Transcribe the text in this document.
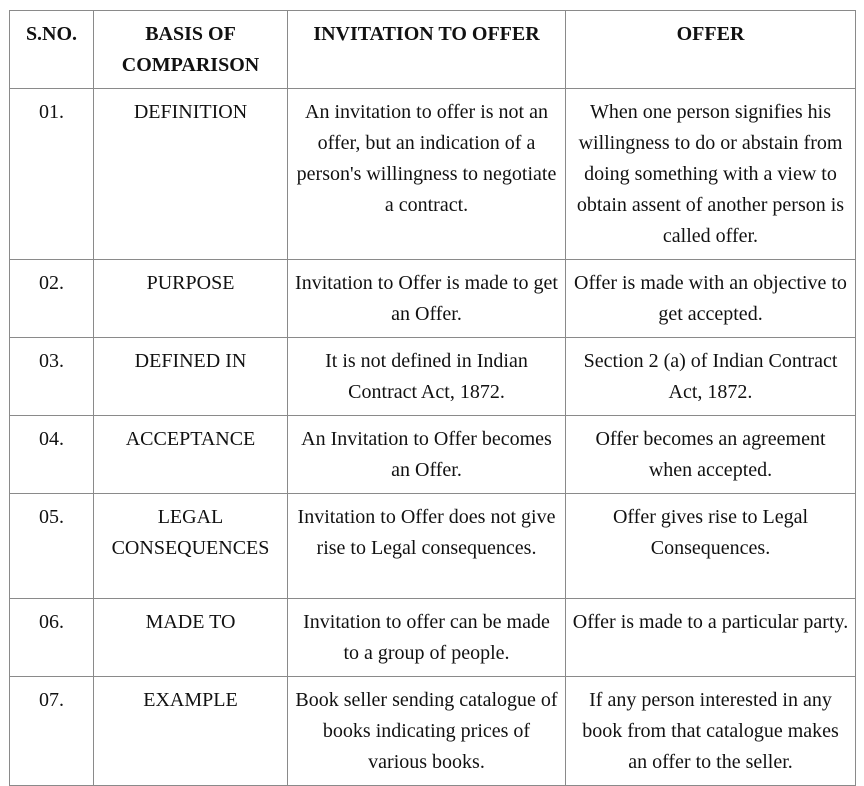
S.NO.	BASIS OF COMPARISON	INVITATION TO OFFER	OFFER
01.	DEFINITION	An invitation to offer is not an offer, but an indication of a person's willingness to negotiate a contract.	When one person signifies his willingness to do or abstain from doing something with a view to obtain assent of another person is called offer.
02.	PURPOSE	Invitation to Offer is made to get an Offer.	Offer is made with an objective to get accepted.
03.	DEFINED IN	It is not defined in Indian Contract Act, 1872.	Section 2 (a) of Indian Contract Act, 1872.
04.	ACCEPTANCE	An Invitation to Offer becomes an Offer.	Offer becomes an agreement when accepted.
05.	LEGAL CONSEQUENCES	Invitation to Offer does not give rise to Legal consequences.	Offer gives rise to Legal Consequences.
06.	MADE TO	Invitation to offer can be made to a group of people.	Offer is made to a particular party.
07.	EXAMPLE	Book seller sending catalogue of books indicating prices of various books.	If any person interested in any book from that catalogue makes an offer to the seller.
